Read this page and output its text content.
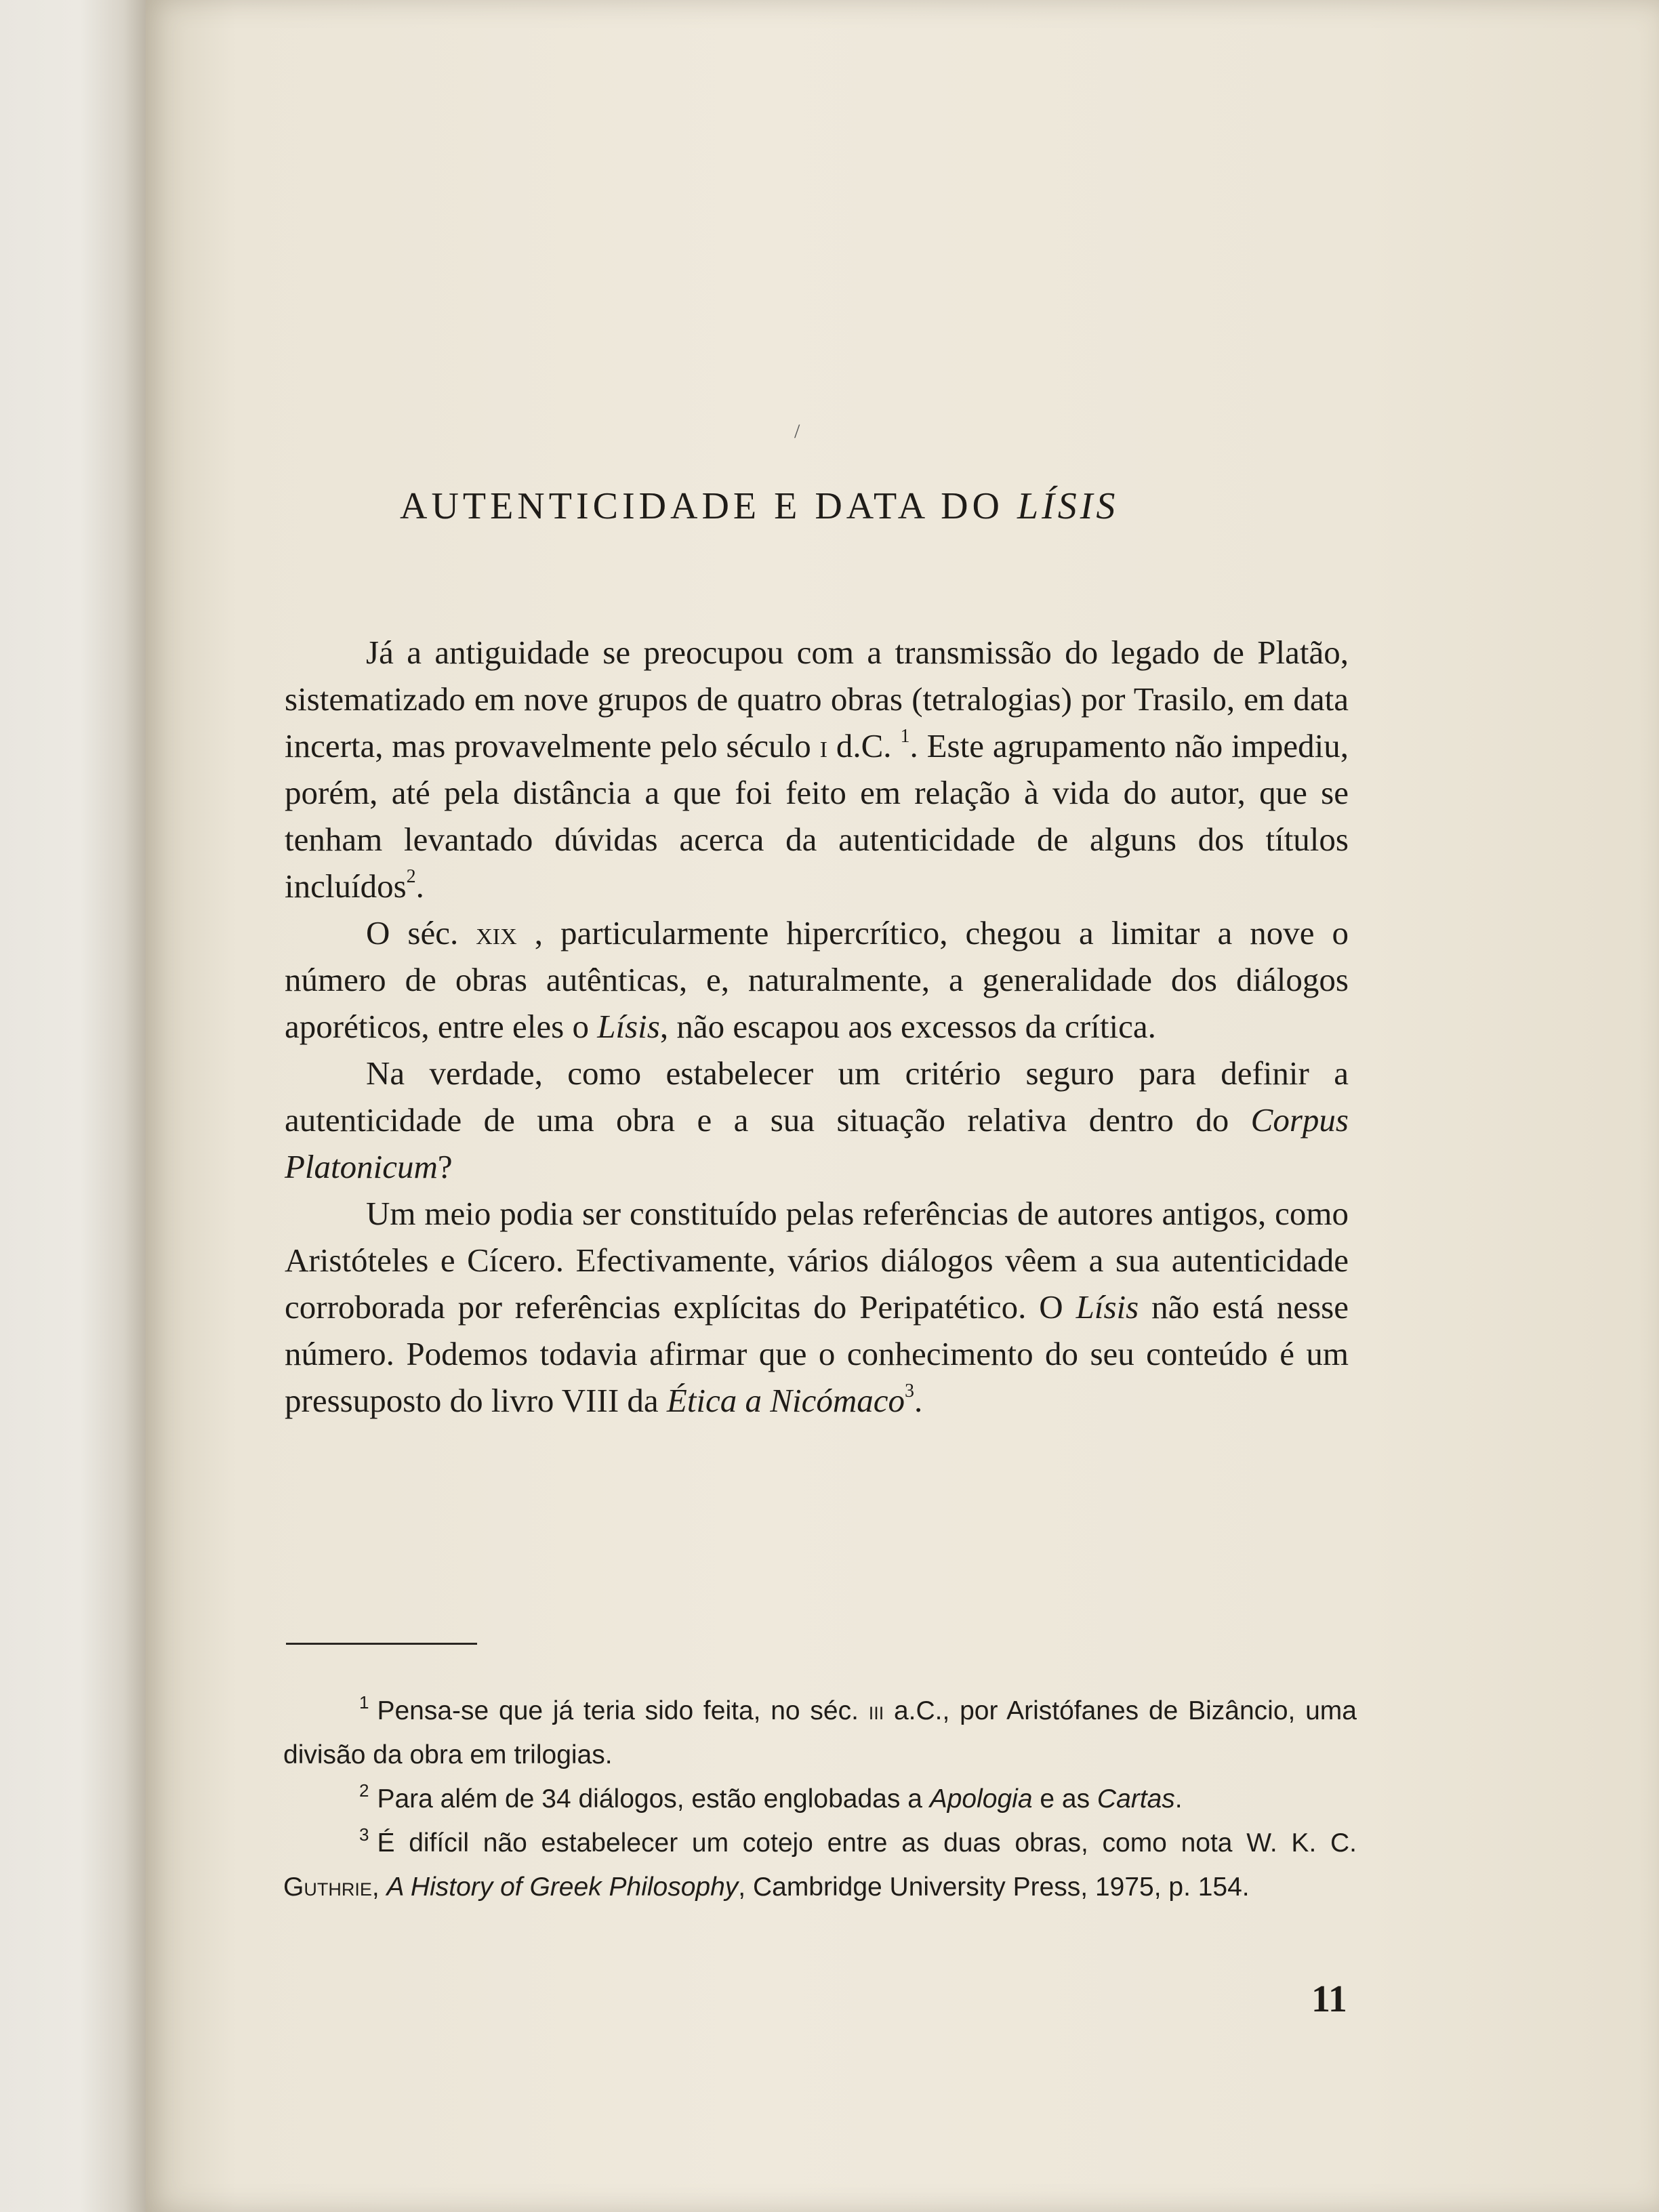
/
AUTENTICIDADE E DATA DO LÍSIS

Já a antiguidade se preocupou com a transmissão do legado de Platão, sistematizado em nove grupos de quatro obras (tetralogias) por Trasilo, em data incerta, mas provavelmente pelo século i d.C. $^1$. Este agrupamento não impediu, porém, até pela distância a que foi feito em relação à vida do autor, que se tenham levantado dúvidas acerca da autenticidade de alguns dos títulos incluídos$^2$.

O séc. xix , particularmente hipercrítico, chegou a limitar a nove o número de obras autênticas, e, naturalmente, a generalidade dos diálogos aporéticos, entre eles o Lísis, não escapou aos excessos da crítica.

Na verdade, como estabelecer um critério seguro para definir a autenticidade de uma obra e a sua situação relativa dentro do Corpus Platonicum?

Um meio podia ser constituído pelas referências de autores antigos, como Aristóteles e Cícero. Efectivamente, vários diálogos vêem a sua autenticidade corroborada por referências explícitas do Peripatético. O Lísis não está nesse número. Podemos todavia afirmar que o conhecimento do seu conteúdo é um pressuposto do livro VIII da Ética a Nicómaco$^3$.

$^1$ Pensa-se que já teria sido feita, no séc. iii a.C., por Aristófanes de Bizâncio, uma divisão da obra em trilogias.

$^2$ Para além de 34 diálogos, estão englobadas a Apologia e as Cartas.

$^3$ É difícil não estabelecer um cotejo entre as duas obras, como nota W. K. C. Guthrie, A History of Greek Philosophy, Cambridge University Press, 1975, p. 154.

11
